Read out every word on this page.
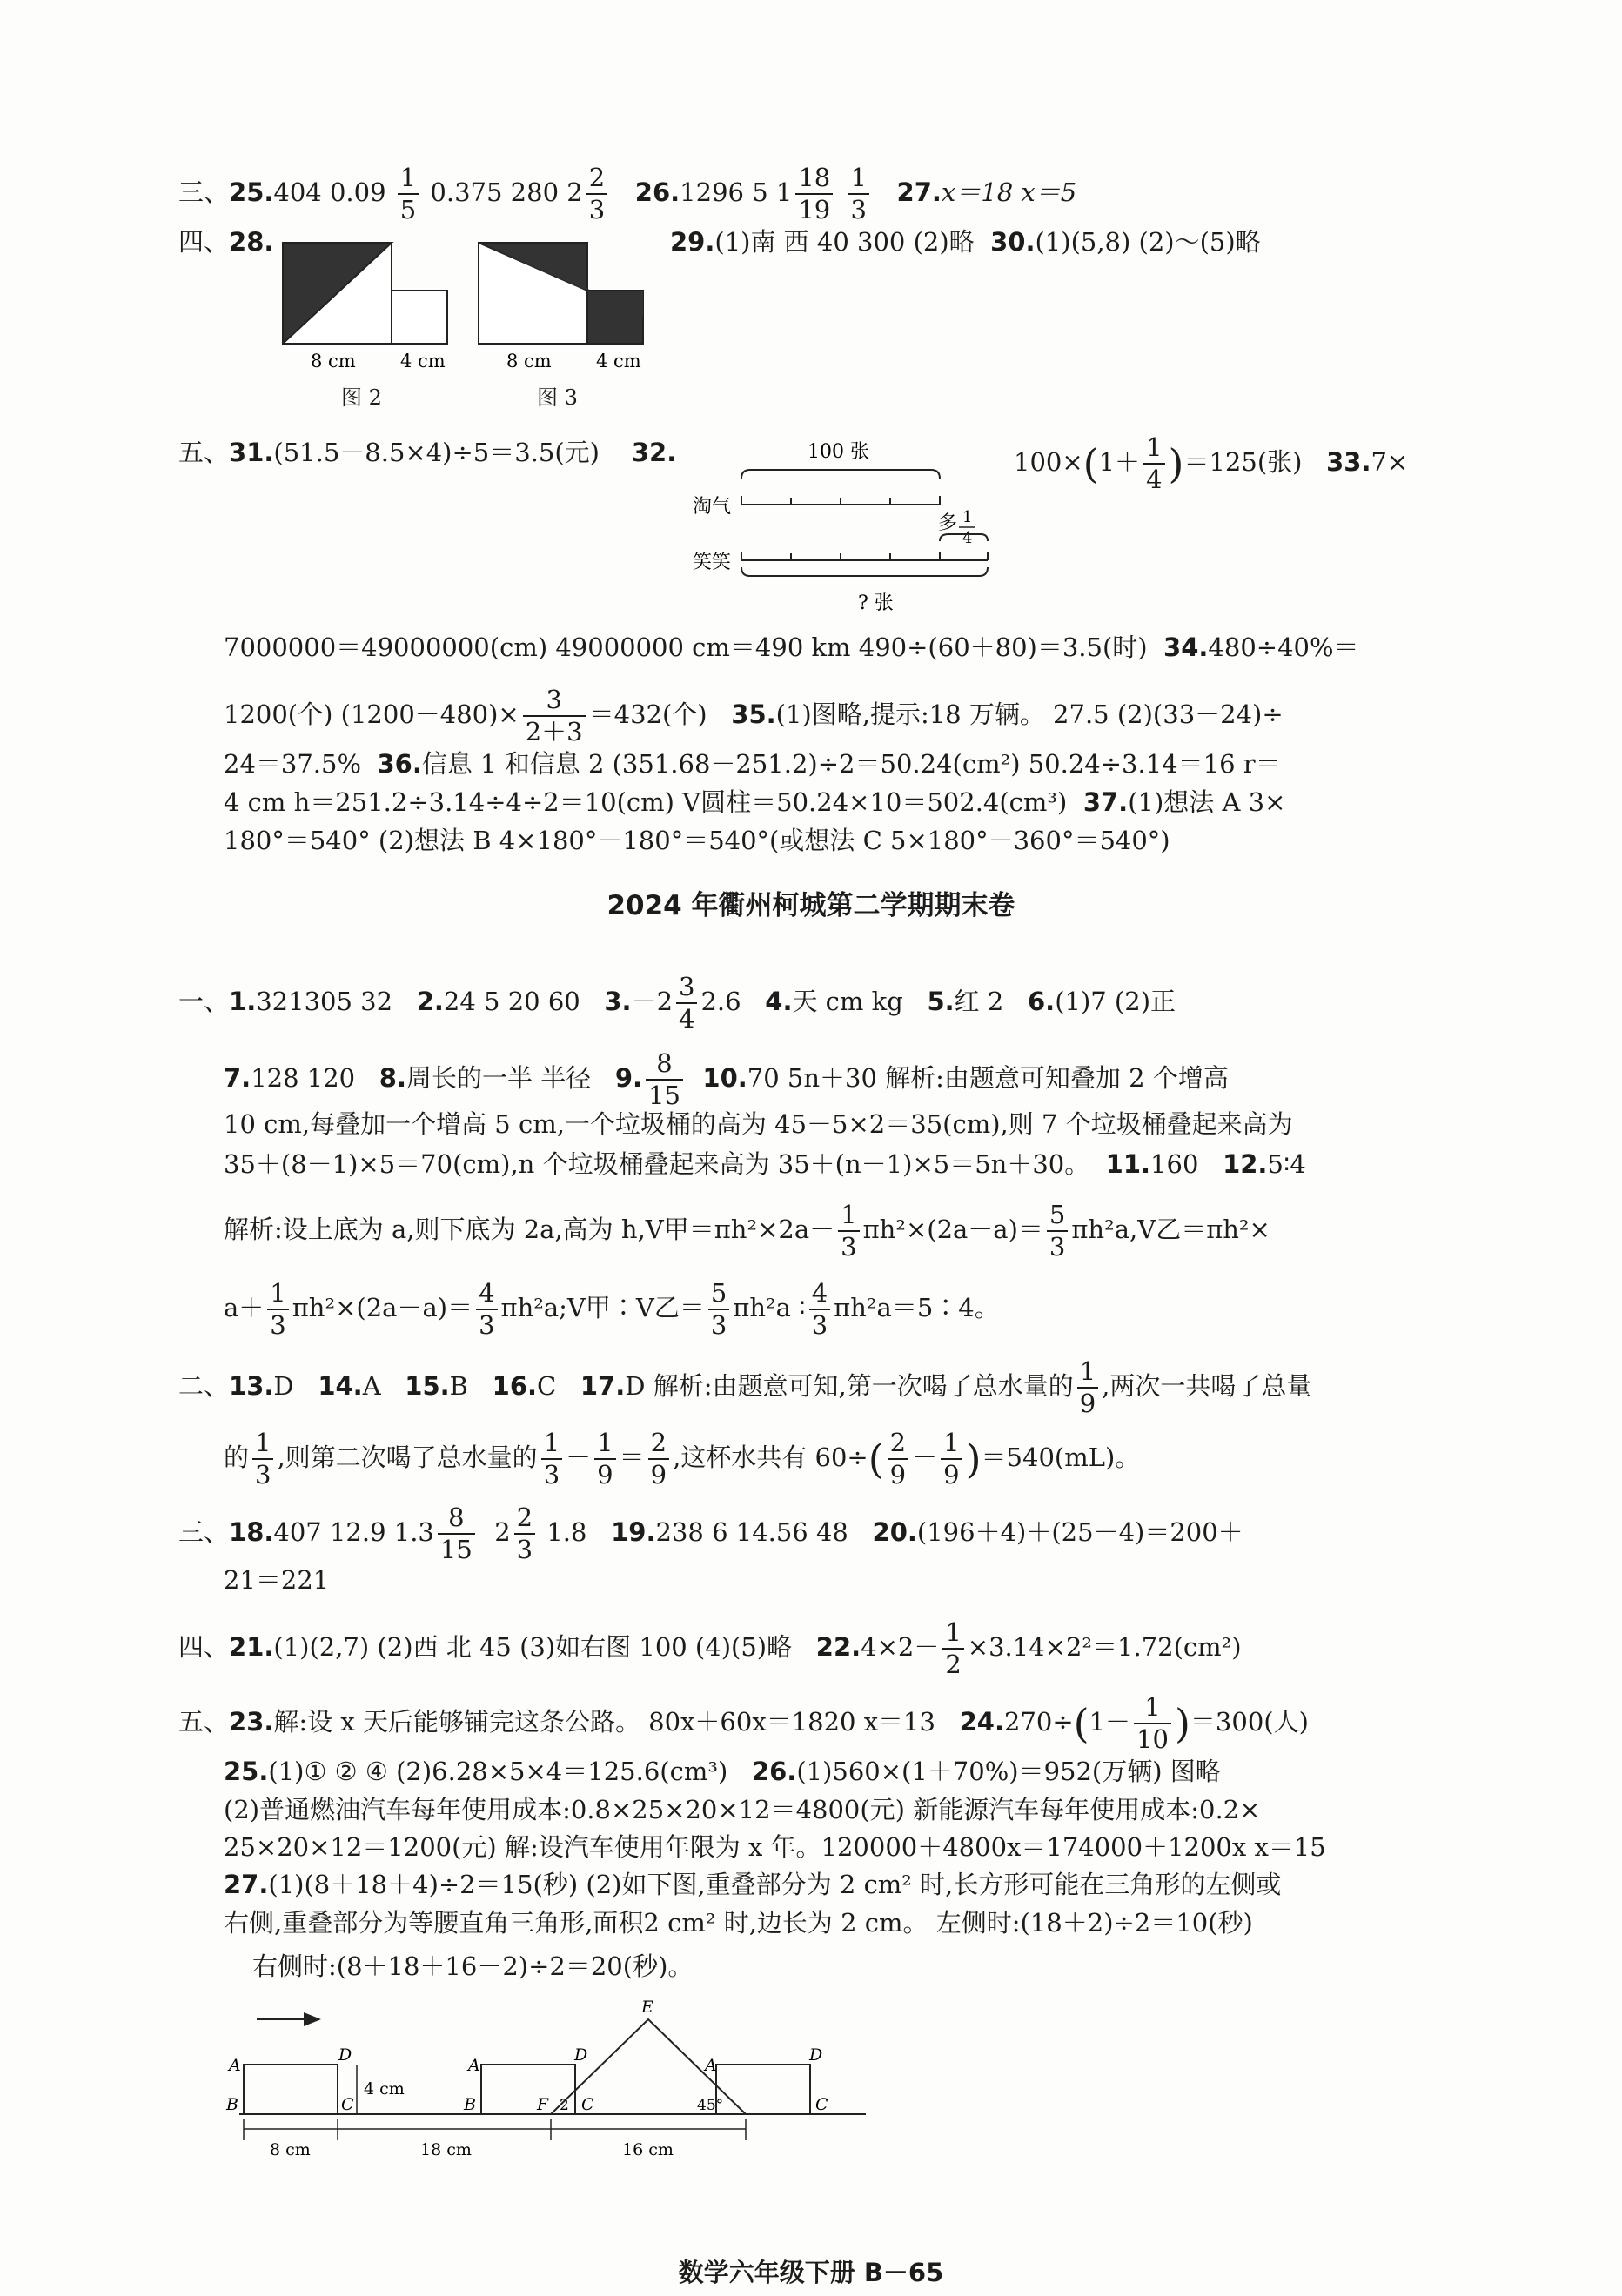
三、25.404 $0.09 \frac{1}{5} 0.375$ 280 $2 \frac{2}{3} 26.1296$ 5 $1 \frac{18}{19}$
$\frac{1}{3} 27.x=18$ x＝5
四、28.
8 cm 4 cm
图 2
8 cm 4 cm
图 3
29.(1)南 西 40 300 (2)略 30.(1)(5,8) (2)～(5)略
五、31.(51.5－8.5×4)÷5＝3.5(元) 32.	100 张
淘气
多 1
4
笑笑
? 张
$100\times(1+ \frac{1}{4} )=125$(张) 33.7×
7000000＝49000000(cm) 49000000 cm＝490 km 490÷(60＋80)＝3.5(时) 34.480÷40%＝
1200(个) $(1200-480)\times \frac{3}{2+3} =432$(个) 35.(1)图略,提示:18 万辆。 27.5 (2)(33－24)÷
24＝37.5% 36.信息 1 和信息 2 (351.68－251.2)÷2＝50.24(cm²) 50.24÷3.14＝16 r＝
4 cm h＝251.2÷3.14÷4÷2＝10(cm) V圆柱＝50.24×10＝502.4(cm³) 37.(1)想法 A 3×
180°＝540° (2)想法 B 4×180°－180°＝540°(或想法 C 5×180°－360°＝540°)
2024 年衢州柯城第二学期期末卷
一、1.321305 32 2.24 5 20 60 $3.-2 \frac{3}{4} 2.6$ 4.天 cm kg 5.红 2 6.(1)7 (2)正
7.128 120 8.周长的一半 半径 9. $\frac{8}{15} 10.70$ 5n＋30 解析:由题意可知叠加 2 个增高
10 cm,每叠加一个增高 5 cm,一个垃圾桶的高为 45－5×2＝35(cm),则 7 个垃圾桶叠起来高为
35＋(8－1)×5＝70(cm),n 个垃圾桶叠起来高为 35＋(n－1)×5＝5n＋30。 11.160 12.5∶4
解析:设上底为 a,则下底为 2a,高为 h,V甲$=\pi h^2\times 2a- \frac{1}{3} \pi h^2\times(2a-a)= \frac{5}{3} \pi h^2a,V$乙＝πh²×
$a+ \frac{1}{3} \pi h^2\times(2a-a)= \frac{4}{3}$ πh²a;V甲∶V乙＝ $\frac{5}{3} \pi h^2a$ ∶ $\frac{4}{3}$ πh²a＝5∶4。
二、13.D 14.A 15.B 16.C 17.D 解析:由题意可知,第一次喝了总水量的 $\frac{1}{9}$ ,两次一共喝了总量
的 $\frac{1}{3}$ ,则第二次喝了总水量的 $\frac{1}{3} - \frac{1}{9} = \frac{2}{9}$ ,这杯水共有 $60\div( \frac{2}{9} - \frac{1}{9} )=540(mL)$。
三、18.407 12.9 $1.3 \frac{8}{15} 2 \frac{2}{3} 1.8$ 19.238 6 14.56 48 20.(196＋4)＋(25－4)＝200＋
21＝221
四、21.(1)(2,7) (2)西 北 45 (3)如右图 100 (4)(5)略 $22.4\times 2- \frac{1}{2} \times 3.14\times 2^2=1.72(cm^2)$
五、23.解:设 x 天后能够铺完这条公路。 80x＋60x＝1820 x＝13 $24.270\div(1- \frac{1}{10} )=300$(人)
25.(1)① ② ④ (2)6.28×5×4＝125.6(cm³) 26.(1)560×(1＋70%)＝952(万辆) 图略
(2)普通燃油汽车每年使用成本:0.8×25×20×12＝4800(元) 新能源汽车每年使用成本:0.2×
25×20×12＝1200(元) 解:设汽车使用年限为 x 年。120000＋4800x＝174000＋1200x x＝15
27.(1)(8＋18＋4)÷2＝15(秒) (2)如下图,重叠部分为 2 cm² 时,长方形可能在三角形的左侧或
右侧,重叠部分为等腰直角三角形,面积2 cm² 时,边长为 2 cm。 左侧时:(18＋2)÷2＝10(秒)
右侧时:(8＋18＋16－2)÷2＝20(秒)。
A
B
D
C
4 cm
A
B
D
E
F 2 C
A
D
45°	C
8 cm	18 cm	16 cm
数学六年级下册 B－65
